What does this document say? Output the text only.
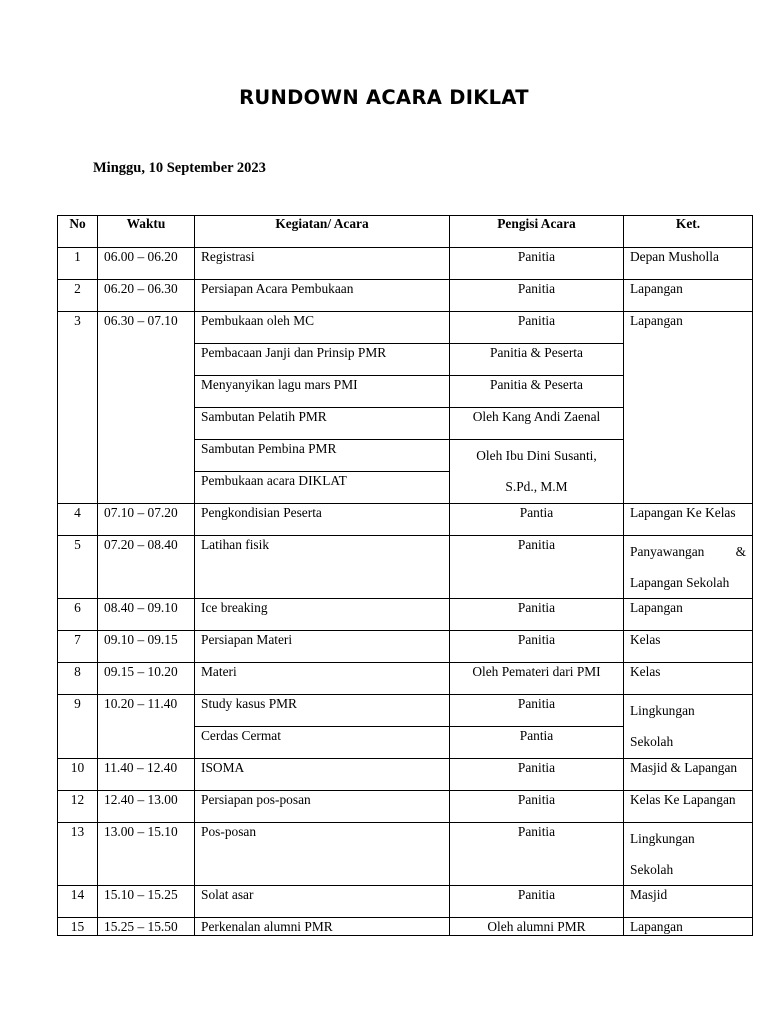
RUNDOWN ACARA DIKLAT
Minggu, 10 September 2023
No	Waktu	Kegiatan/ Acara	Pengisi Acara	Ket.
1	06.00 – 06.20	Registrasi	Panitia	Depan Musholla
2	06.20 – 06.30	Persiapan Acara Pembukaan	Panitia	Lapangan
3	06.30 – 07.10	Pembukaan oleh MC	Panitia	Lapangan
		Pembacaan Janji dan Prinsip PMR	Panitia & Peserta	
		Menyanyikan lagu mars PMI	Panitia & Peserta	
		Sambutan Pelatih PMR	Oleh Kang Andi Zaenal	
		Sambutan Pembina PMR	Oleh Ibu Dini Susanti,
S.Pd., M.M	

		Pembukaan acara DIKLAT		
4	07.10 – 07.20	Pengkondisian Peserta	Pantia	Lapangan Ke Kelas
5	07.20 – 08.40	Latihan fisik	Panitia	Panyawangan &
Lapangan Sekolah

6	08.40 – 09.10	Ice breaking	Panitia	Lapangan
7	09.10 – 09.15	Persiapan Materi	Panitia	Kelas
8	09.15 – 10.20	Materi	Oleh Pemateri dari PMI	Kelas
9	10.20 – 11.40	Study kasus PMR	Panitia	Lingkungan
Sekolah

		Cerdas Cermat	Pantia	
10	11.40 – 12.40	ISOMA	Panitia	Masjid & Lapangan
12	12.40 – 13.00	Persiapan pos-posan	Panitia	Kelas Ke Lapangan
13	13.00 – 15.10	Pos-posan	Panitia	Lingkungan
Sekolah

14	15.10 – 15.25	Solat asar	Panitia	Masjid
15	15.25 – 15.50	Perkenalan alumni PMR	Oleh alumni PMR	Lapangan
